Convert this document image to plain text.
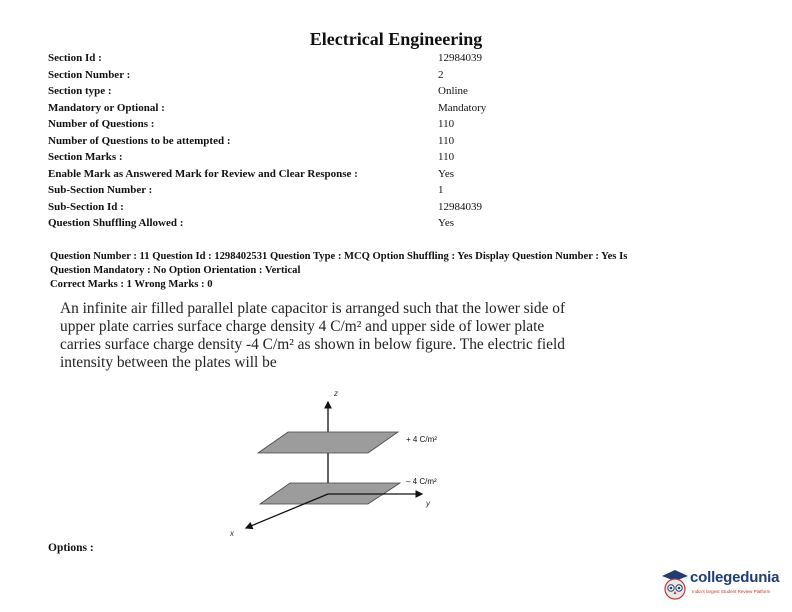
Electrical Engineering
Section Id :	12984039
Section Number :	2
Section type :	Online
Mandatory or Optional :	Mandatory
Number of Questions :	110
Number of Questions to be attempted :	110
Section Marks :	110
Enable Mark as Answered Mark for Review and Clear Response :	Yes
Sub-Section Number :	1
Sub-Section Id :	12984039
Question Shuffling Allowed :	Yes
Question Number : 11 Question Id : 1298402531 Question Type : MCQ Option Shuffling : Yes Display Question Number : Yes Is
Question Mandatory : No Option Orientation : Vertical
Correct Marks : 1 Wrong Marks : 0
An infinite air filled parallel plate capacitor is arranged such that the lower side of
upper plate carries surface charge density 4 C/m² and upper side of lower plate
carries surface charge density -4 C/m² as shown in below figure. The electric field
intensity between the plates will be
z
+ 4 C/m²
– 4 C/m²
y
x
Options :
collegedunia
India's largest Student Review Platform
